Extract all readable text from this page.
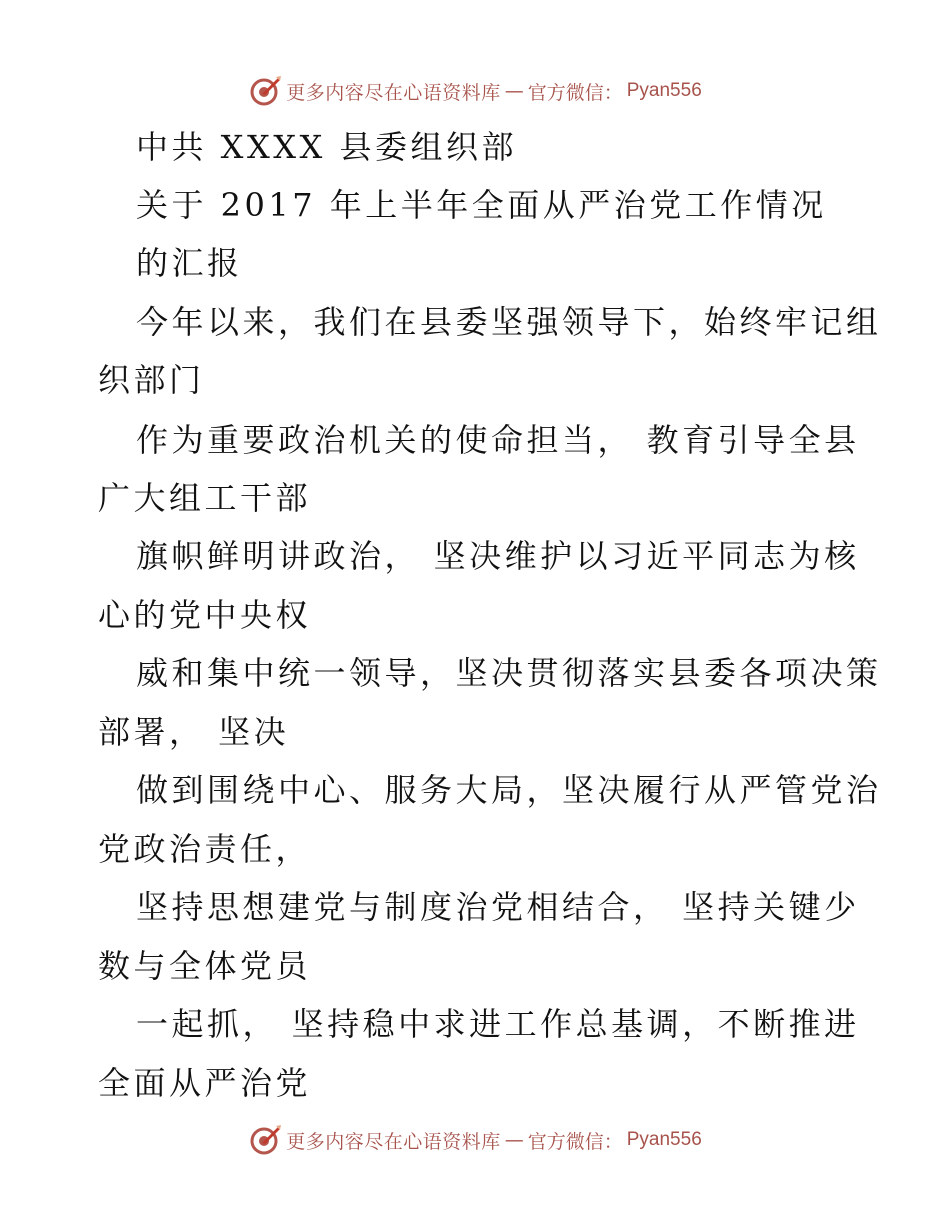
更多内容尽在心语资料库 — 官方微信： Pyan556
中共 XXXX 县委组织部
关于 2017 年上半年全面从严治党工作情况
的汇报
今年以来，我们在县委坚强领导下，始终牢记组
织部门
作为重要政治机关的使命担当， 教育引导全县
广大组工干部
旗帜鲜明讲政治， 坚决维护以习近平同志为核
心的党中央权
威和集中统一领导，坚决贯彻落实县委各项决策
部署， 坚决
做到围绕中心、服务大局，坚决履行从严管党治
党政治责任，
坚持思想建党与制度治党相结合， 坚持关键少
数与全体党员
一起抓， 坚持稳中求进工作总基调，不断推进
全面从严治党
更多内容尽在心语资料库 — 官方微信： Pyan556
